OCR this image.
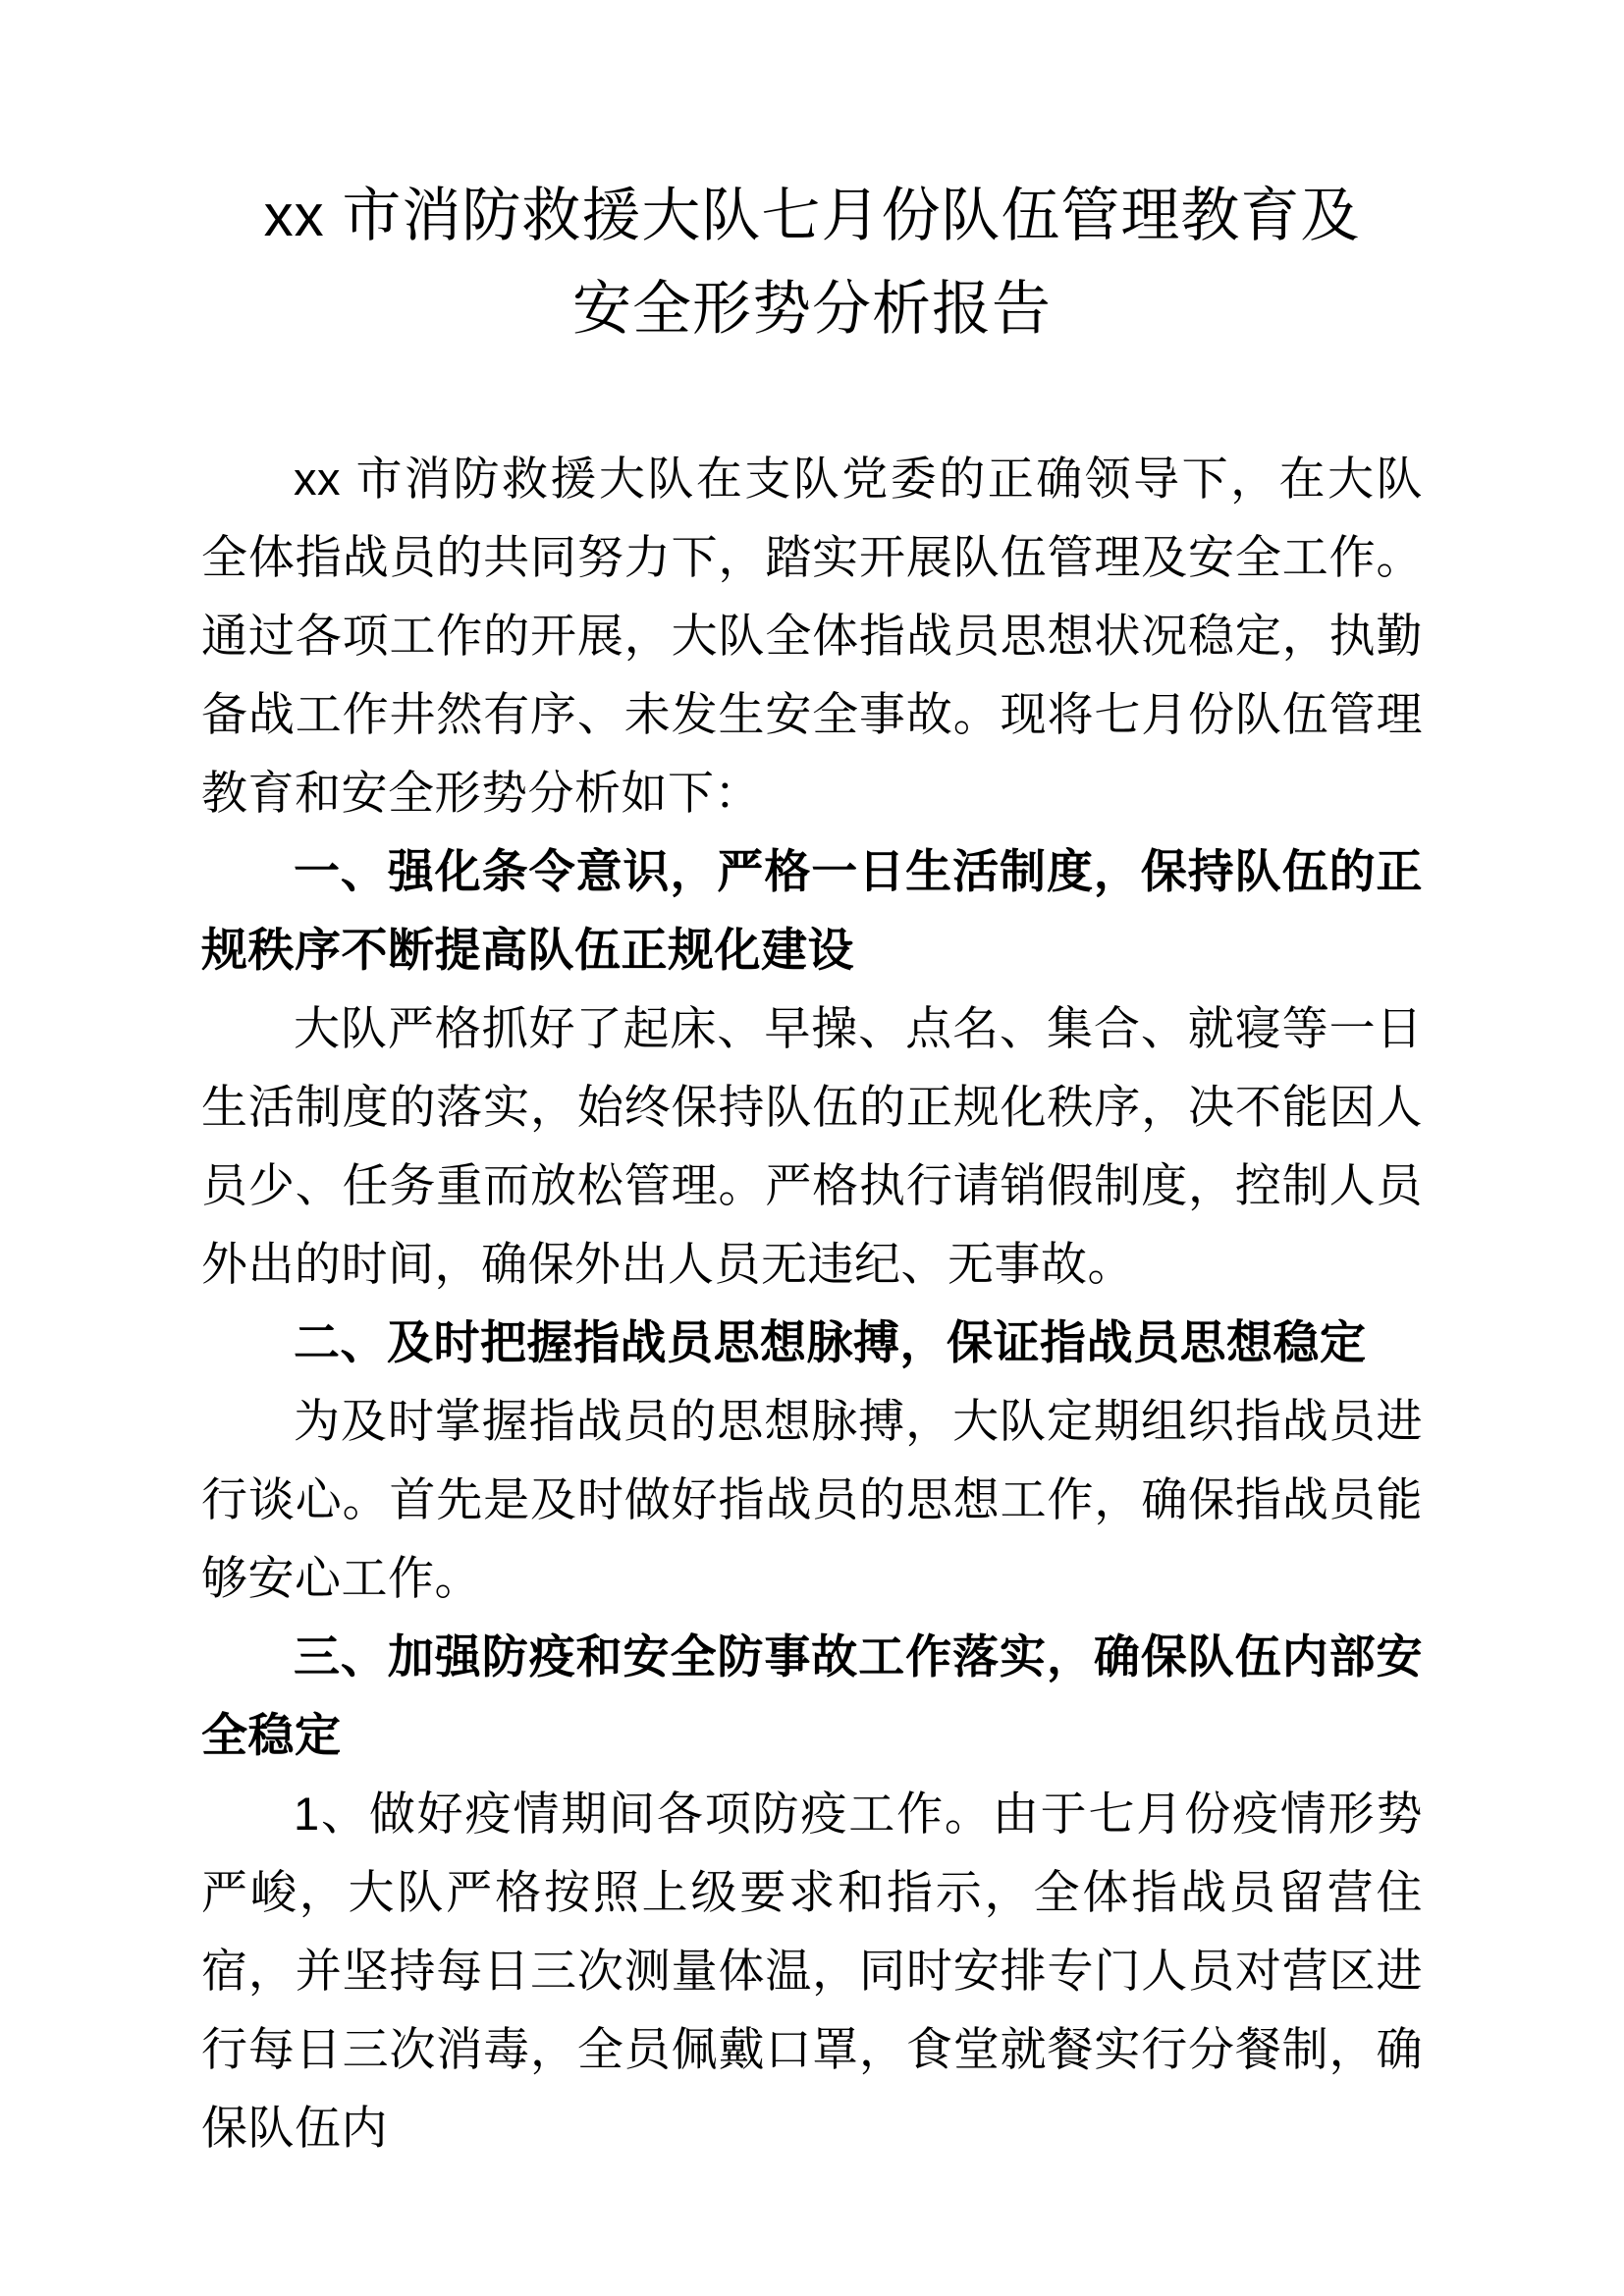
xx 市消防救援大队七月份队伍管理教育及
安全形势分析报告

xx 市消防救援大队在支队党委的正确领导下，在大队全体指战员的共同努力下，踏实开展队伍管理及安全工作。通过各项工作的开展，大队全体指战员思想状况稳定，执勤备战工作井然有序、未发生安全事故。现将七月份队伍管理教育和安全形势分析如下：

一、强化条令意识，严格一日生活制度，保持队伍的正规秩序不断提高队伍正规化建设

大队严格抓好了起床、早操、点名、集合、就寝等一日生活制度的落实，始终保持队伍的正规化秩序，决不能因人员少、任务重而放松管理。严格执行请销假制度，控制人员外出的时间，确保外出人员无违纪、无事故。

二、及时把握指战员思想脉搏，保证指战员思想稳定

为及时掌握指战员的思想脉搏，大队定期组织指战员进行谈心。首先是及时做好指战员的思想工作，确保指战员能够安心工作。

三、加强防疫和安全防事故工作落实，确保队伍内部安全稳定

1、做好疫情期间各项防疫工作。由于七月份疫情形势严峻，大队严格按照上级要求和指示，全体指战员留营住宿，并坚持每日三次测量体温，同时安排专门人员对营区进行每日三次消毒，全员佩戴口罩，食堂就餐实行分餐制，确保队伍内
